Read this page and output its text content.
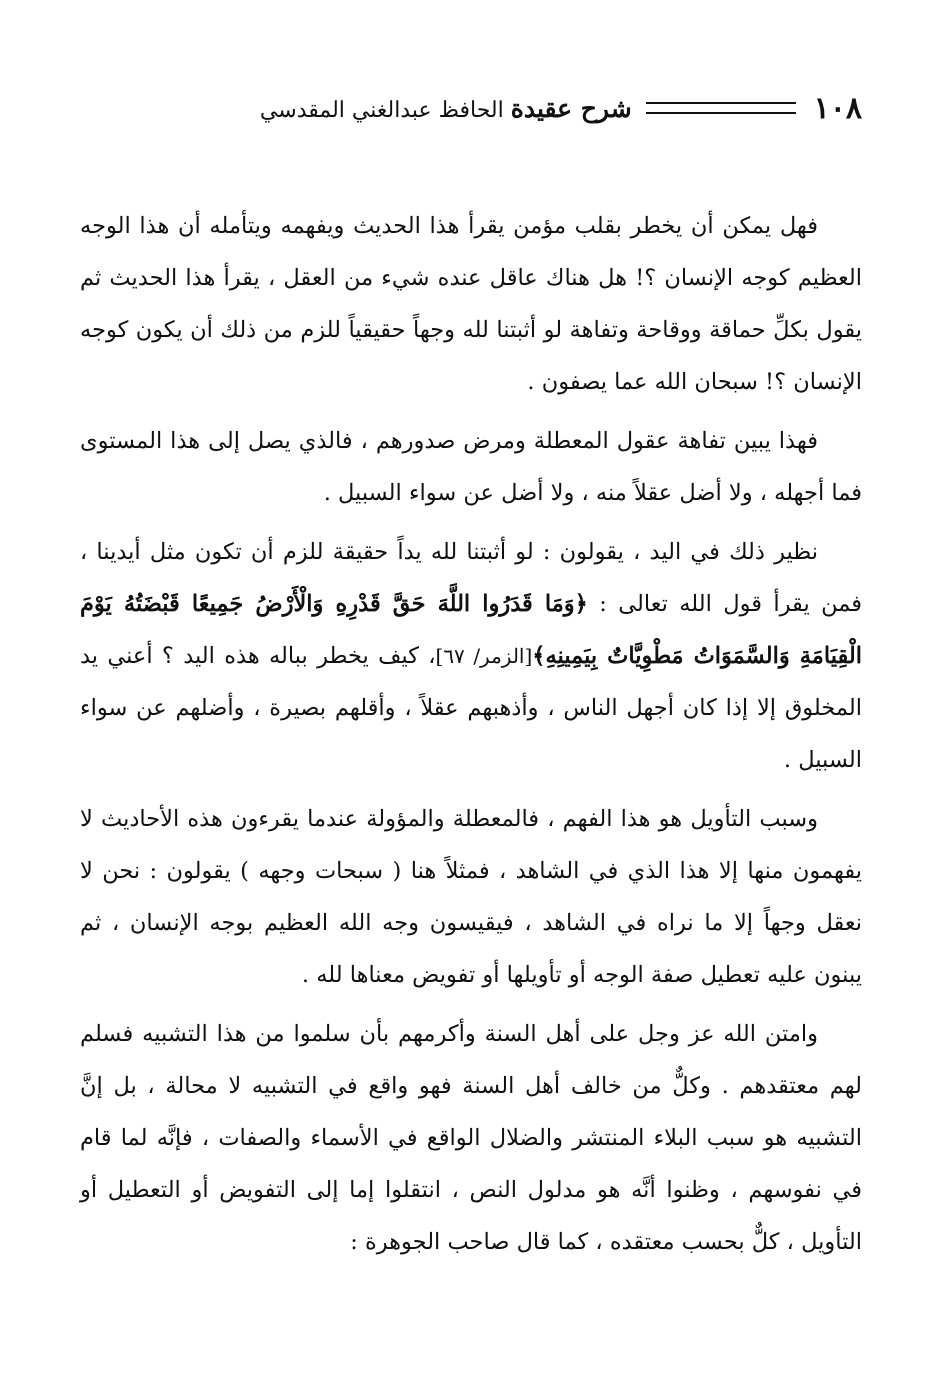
١٠٨
شرح عقيدة الحافظ عبدالغني المقدسي

فهل يمكن أن يخطر بقلب مؤمن يقرأ هذا الحديث ويفهمه ويتأمله أن هذا الوجه العظيم كوجه الإنسان ؟! هل هناك عاقل عنده شيء من العقل ، يقرأ هذا الحديث ثم يقول بكلِّ حماقة ووقاحة وتفاهة لو أثبتنا لله وجهاً حقيقياً للزم من ذلك أن يكون كوجه الإنسان ؟! سبحان الله عما يصفون .

فهذا يبين تفاهة عقول المعطلة ومرض صدورهم ، فالذي يصل إلى هذا المستوى فما أجهله ، ولا أضل عقلاً منه ، ولا أضل عن سواء السبيل .

نظير ذلك في اليد ، يقولون : لو أثبتنا لله يداً حقيقة للزم أن تكون مثل أيدينا ، فمن يقرأ قول الله تعالى : ﴿وَمَا قَدَرُوا اللَّهَ حَقَّ قَدْرِهِ وَالْأَرْضُ جَمِيعًا قَبْضَتُهُ يَوْمَ الْقِيَامَةِ وَالسَّمَوَاتُ مَطْوِيَّاتٌ بِيَمِينِهِ﴾[الزمر/ ٦٧]، كيف يخطر بباله هذه اليد ؟ أعني يد المخلوق إلا إذا كان أجهل الناس ، وأذهبهم عقلاً ، وأقلهم بصيرة ، وأضلهم عن سواء السبيل .

وسبب التأويل هو هذا الفهم ، فالمعطلة والمؤولة عندما يقرءون هذه الأحاديث لا يفهمون منها إلا هذا الذي في الشاهد ، فمثلاً هنا ( سبحات وجهه ) يقولون : نحن لا نعقل وجهاً إلا ما نراه في الشاهد ، فيقيسون وجه الله العظيم بوجه الإنسان ، ثم يبنون عليه تعطيل صفة الوجه أو تأويلها أو تفويض معناها لله .

وامتن الله عز وجل على أهل السنة وأكرمهم بأن سلموا من هذا التشبيه فسلم لهم معتقدهم . وكلٌّ من خالف أهل السنة فهو واقع في التشبيه لا محالة ، بل إنَّ التشبيه هو سبب البلاء المنتشر والضلال الواقع في الأسماء والصفات ، فإنَّه لما قام في نفوسهم ، وظنوا أنَّه هو مدلول النص ، انتقلوا إما إلى التفويض أو التعطيل أو التأويل ، كلٌّ بحسب معتقده ، كما قال صاحب الجوهرة :
